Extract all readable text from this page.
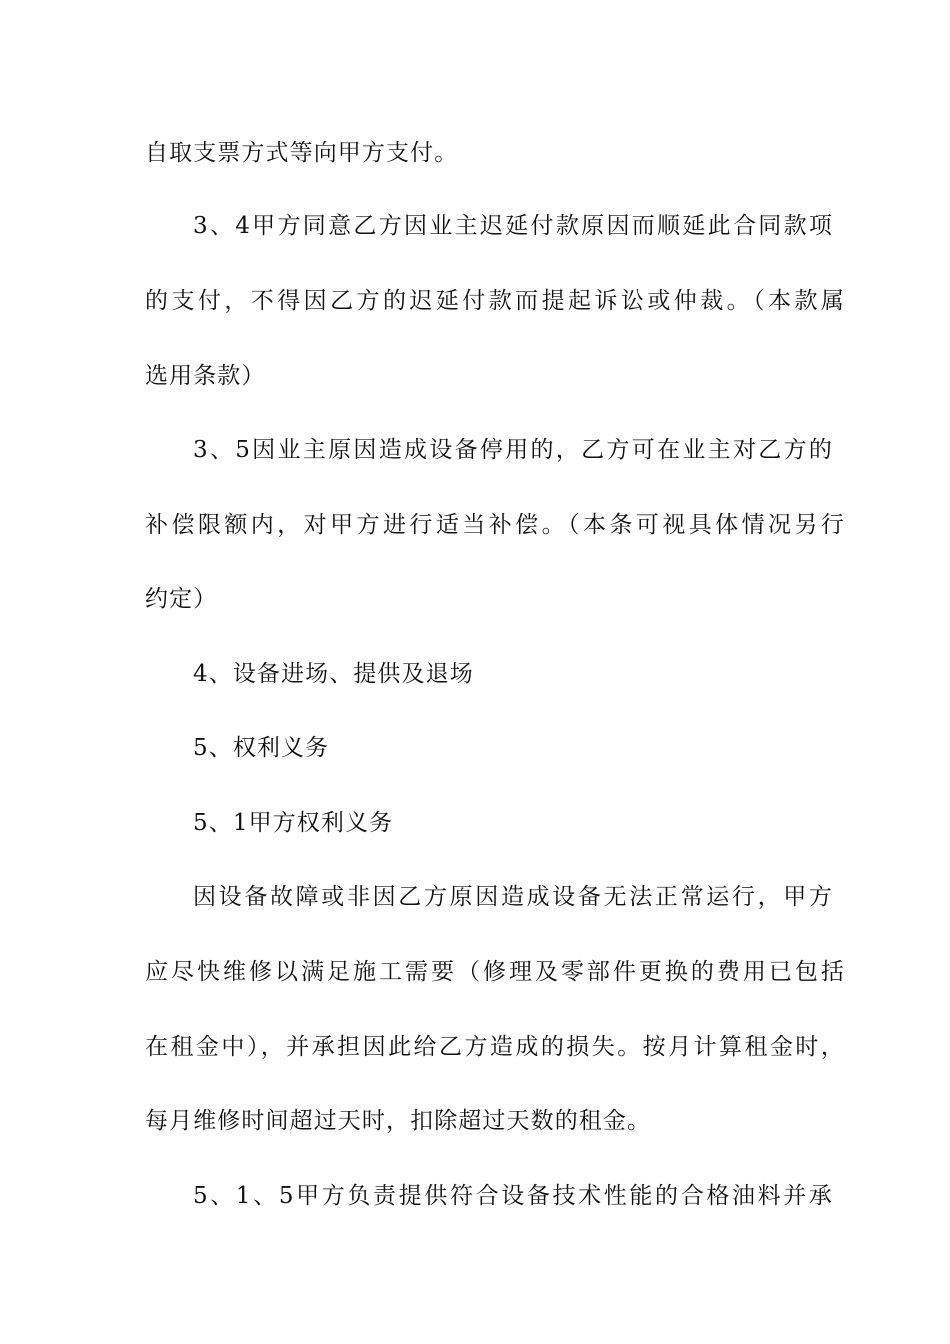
自取支票方式等向甲方支付。
3、4甲方同意乙方因业主迟延付款原因而顺延此合同款项
的支付，不得因乙方的迟延付款而提起诉讼或仲裁。（本款属
选用条款）
3、5因业主原因造成设备停用的，乙方可在业主对乙方的
补偿限额内，对甲方进行适当补偿。（本条可视具体情况另行
约定）
4、设备进场、提供及退场
5、权利义务
5、1甲方权利义务
因设备故障或非因乙方原因造成设备无法正常运行，甲方
应尽快维修以满足施工需要（修理及零部件更换的费用已包括
在租金中），并承担因此给乙方造成的损失。按月计算租金时，
每月维修时间超过天时，扣除超过天数的租金。
5、1、5甲方负责提供符合设备技术性能的合格油料并承
